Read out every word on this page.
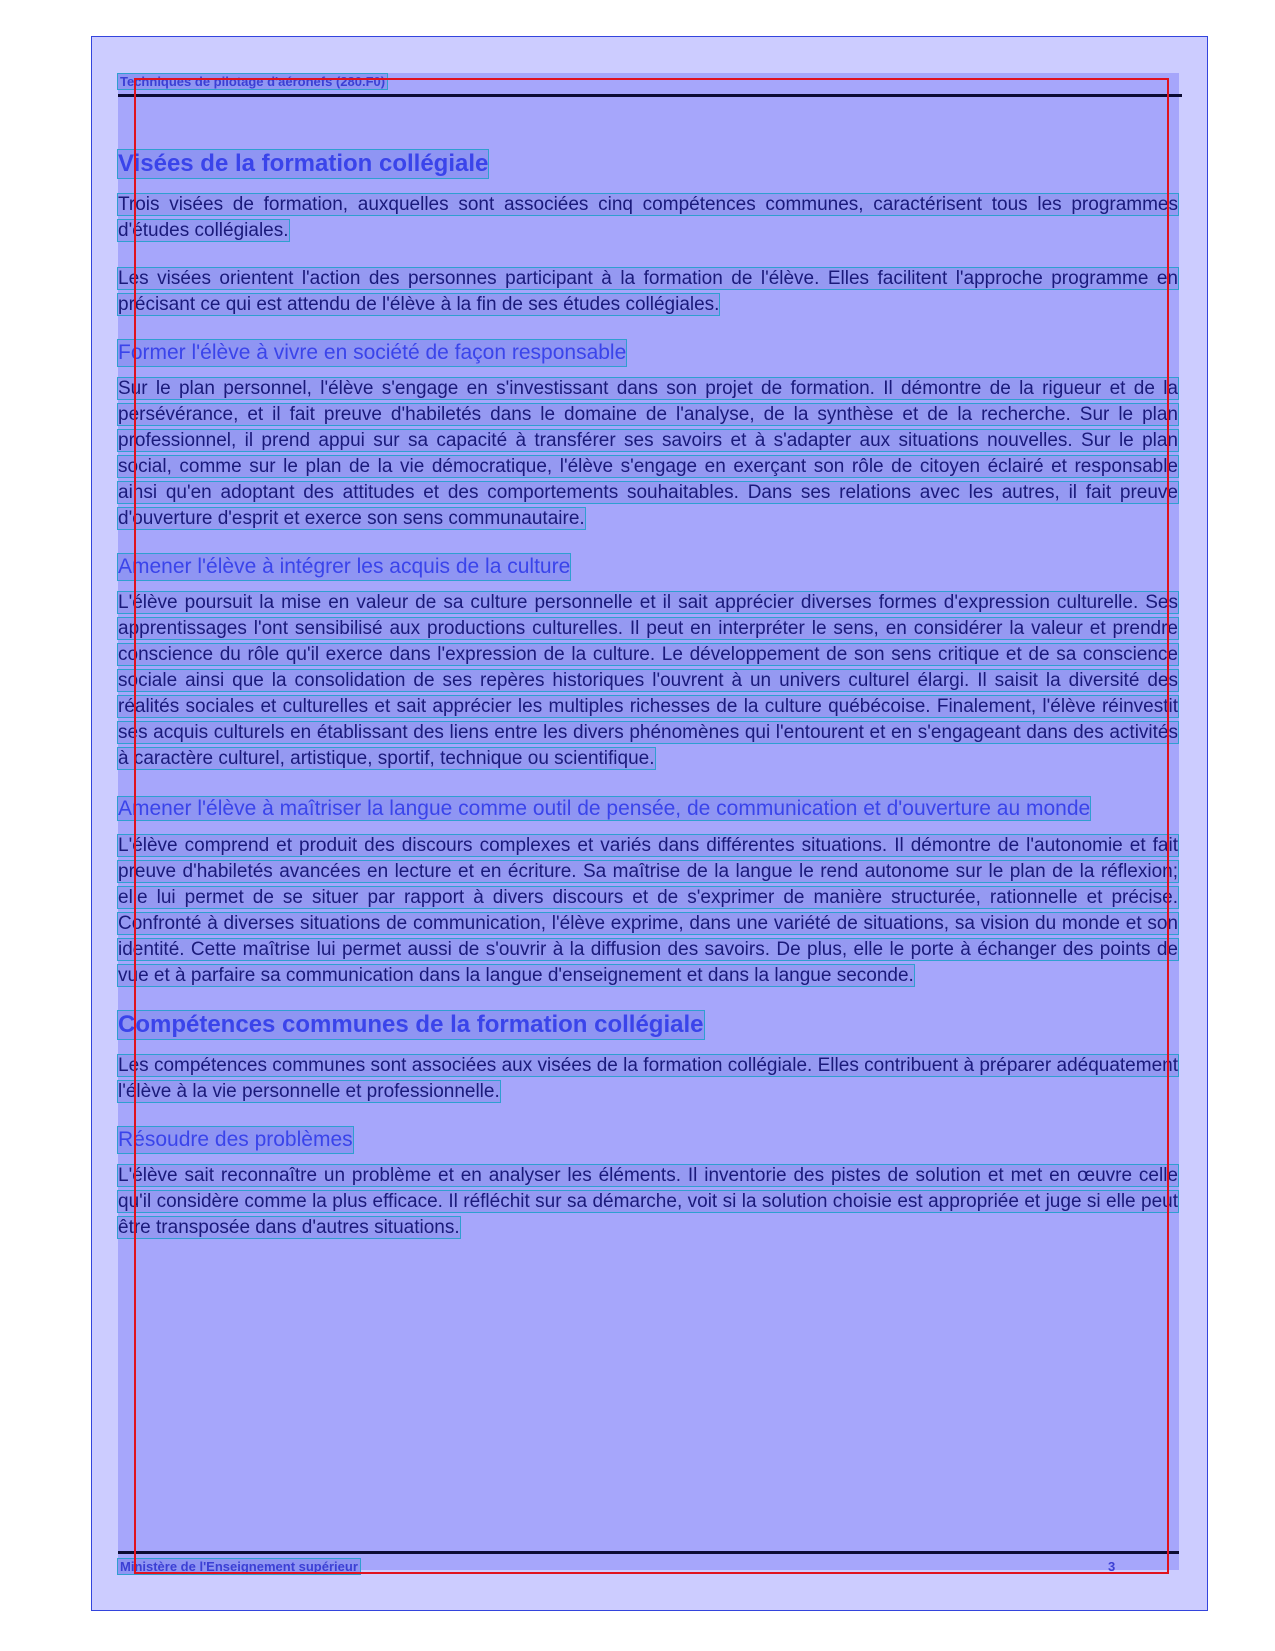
Techniques de pilotage d'aéronefs (280.F0)
Visées de la formation collégiale

Trois visées de formation, auxquelles sont associées cinq compétences communes, caractérisent tous les programmes d'études collégiales.

Les visées orientent l'action des personnes participant à la formation de l'élève. Elles facilitent l'approche programme en précisant ce qui est attendu de l'élève à la fin de ses études collégiales.

Former l'élève à vivre en société de façon responsable

Sur le plan personnel, l'élève s'engage en s'investissant dans son projet de formation. Il démontre de la rigueur et de la persévérance, et il fait preuve d'habiletés dans le domaine de l'analyse, de la synthèse et de la recherche. Sur le plan professionnel, il prend appui sur sa capacité à transférer ses savoirs et à s'adapter aux situations nouvelles. Sur le plan social, comme sur le plan de la vie démocratique, l'élève s'engage en exerçant son rôle de citoyen éclairé et responsable ainsi qu'en adoptant des attitudes et des comportements souhaitables. Dans ses relations avec les autres, il fait preuve d'ouverture d'esprit et exerce son sens communautaire.

Amener l'élève à intégrer les acquis de la culture

L'élève poursuit la mise en valeur de sa culture personnelle et il sait apprécier diverses formes d'expression culturelle. Ses apprentissages l'ont sensibilisé aux productions culturelles. Il peut en interpréter le sens, en considérer la valeur et prendre conscience du rôle qu'il exerce dans l'expression de la culture. Le développement de son sens critique et de sa conscience sociale ainsi que la consolidation de ses repères historiques l'ouvrent à un univers culturel élargi. Il saisit la diversité des réalités sociales et culturelles et sait apprécier les multiples richesses de la culture québécoise. Finalement, l'élève réinvestit ses acquis culturels en établissant des liens entre les divers phénomènes qui l'entourent et en s'engageant dans des activités à caractère culturel, artistique, sportif, technique ou scientifique.

Amener l'élève à maîtriser la langue comme outil de pensée, de communication et d'ouverture au monde

L'élève comprend et produit des discours complexes et variés dans différentes situations. Il démontre de l'autonomie et fait preuve d'habiletés avancées en lecture et en écriture. Sa maîtrise de la langue le rend autonome sur le plan de la réflexion; elle lui permet de se situer par rapport à divers discours et de s'exprimer de manière structurée, rationnelle et précise. Confronté à diverses situations de communication, l'élève exprime, dans une variété de situations, sa vision du monde et son identité. Cette maîtrise lui permet aussi de s'ouvrir à la diffusion des savoirs. De plus, elle le porte à échanger des points de vue et à parfaire sa communication dans la langue d'enseignement et dans la langue seconde.

Compétences communes de la formation collégiale

Les compétences communes sont associées aux visées de la formation collégiale. Elles contribuent à préparer adéquatement l'élève à la vie personnelle et professionnelle.

Résoudre des problèmes

L'élève sait reconnaître un problème et en analyser les éléments. Il inventorie des pistes de solution et met en œuvre celle qu'il considère comme la plus efficace. Il réfléchit sur sa démarche, voit si la solution choisie est appropriée et juge si elle peut être transposée dans d'autres situations.

Ministère de l'Enseignement supérieur	3
